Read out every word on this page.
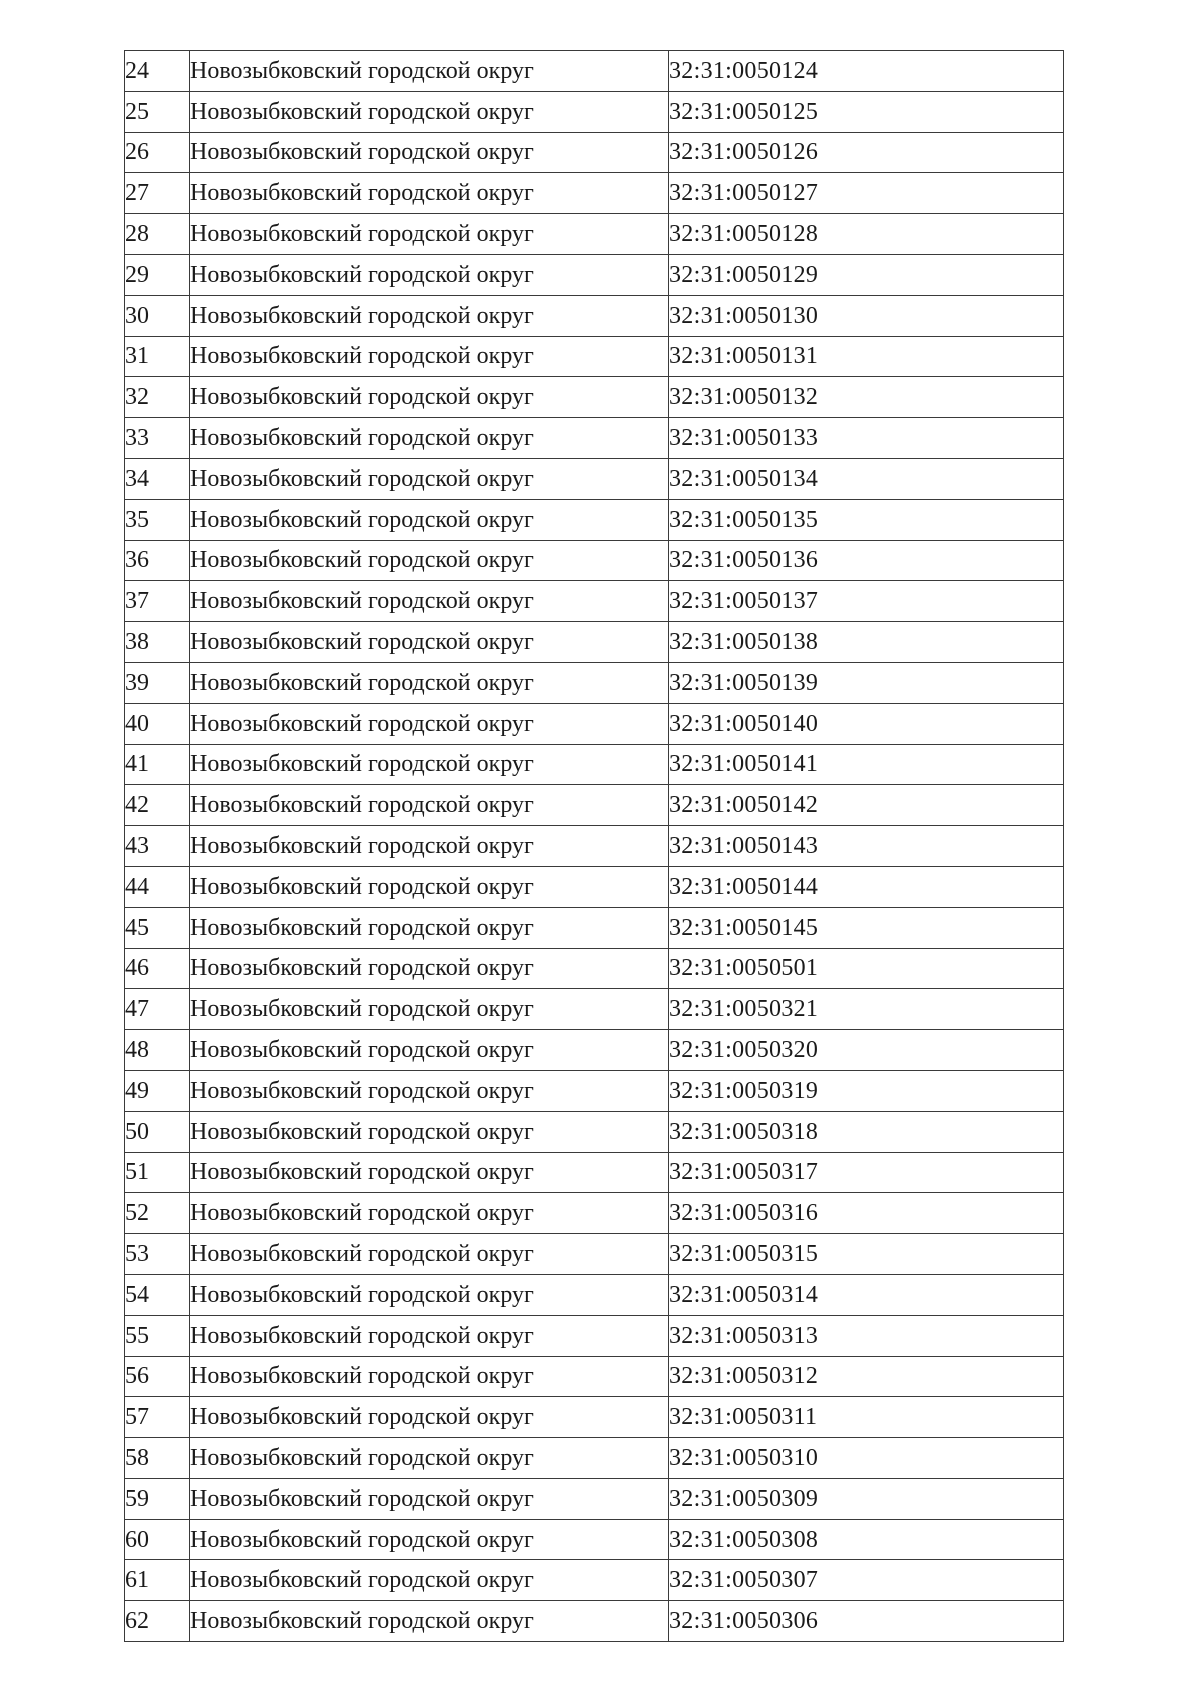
24	Новозыбковский городской округ	32:31:0050124
25	Новозыбковский городской округ	32:31:0050125
26	Новозыбковский городской округ	32:31:0050126
27	Новозыбковский городской округ	32:31:0050127
28	Новозыбковский городской округ	32:31:0050128
29	Новозыбковский городской округ	32:31:0050129
30	Новозыбковский городской округ	32:31:0050130
31	Новозыбковский городской округ	32:31:0050131
32	Новозыбковский городской округ	32:31:0050132
33	Новозыбковский городской округ	32:31:0050133
34	Новозыбковский городской округ	32:31:0050134
35	Новозыбковский городской округ	32:31:0050135
36	Новозыбковский городской округ	32:31:0050136
37	Новозыбковский городской округ	32:31:0050137
38	Новозыбковский городской округ	32:31:0050138
39	Новозыбковский городской округ	32:31:0050139
40	Новозыбковский городской округ	32:31:0050140
41	Новозыбковский городской округ	32:31:0050141
42	Новозыбковский городской округ	32:31:0050142
43	Новозыбковский городской округ	32:31:0050143
44	Новозыбковский городской округ	32:31:0050144
45	Новозыбковский городской округ	32:31:0050145
46	Новозыбковский городской округ	32:31:0050501
47	Новозыбковский городской округ	32:31:0050321
48	Новозыбковский городской округ	32:31:0050320
49	Новозыбковский городской округ	32:31:0050319
50	Новозыбковский городской округ	32:31:0050318
51	Новозыбковский городской округ	32:31:0050317
52	Новозыбковский городской округ	32:31:0050316
53	Новозыбковский городской округ	32:31:0050315
54	Новозыбковский городской округ	32:31:0050314
55	Новозыбковский городской округ	32:31:0050313
56	Новозыбковский городской округ	32:31:0050312
57	Новозыбковский городской округ	32:31:0050311
58	Новозыбковский городской округ	32:31:0050310
59	Новозыбковский городской округ	32:31:0050309
60	Новозыбковский городской округ	32:31:0050308
61	Новозыбковский городской округ	32:31:0050307
62	Новозыбковский городской округ	32:31:0050306
